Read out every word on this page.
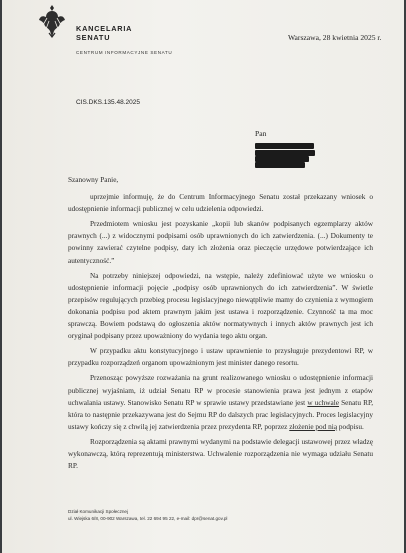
KANCELARIA
SENATU
CENTRUM INFORMACYJNE SENATU
Warszawa, 28 kwietnia 2025 r.
CIS.DKS.135.48.2025
Pan

Szanowny Panie,

uprzejmie informuję, że do Centrum Informacyjnego Senatu został przekazany wniosek o udostępnienie informacji publicznej w celu udzielenia odpowiedzi.

Przedmiotem wniosku jest pozyskanie „kopii lub skanów podpisanych egzemplarzy aktów prawnych (...) z widocznymi podpisami osób uprawnionych do ich zatwierdzenia. (...) Dokumenty te powinny zawierać czytelne podpisy, daty ich złożenia oraz pieczęcie urzędowe potwierdzające ich autentyczność.”

Na potrzeby niniejszej odpowiedzi, na wstępie, należy zdefiniować użyte we wniosku o udostępnienie informacji pojęcie „podpisy osób uprawnionych do ich zatwierdzenia”. W świetle przepisów regulujących przebieg procesu legislacyjnego niewątpliwie mamy do czynienia z wymogiem dokonania podpisu pod aktem prawnym jakim jest ustawa i rozporządzenie. Czynność ta ma moc sprawczą. Bowiem podstawą do ogłoszenia aktów normatywnych i innych aktów prawnych jest ich oryginał podpisany przez upoważniony do wydania tego aktu organ.

W przypadku aktu konstytucyjnego i ustaw uprawnienie to przysługuje prezydentowi RP, w przypadku rozporządzeń organom upoważnionym jest minister danego resortu.

Przenosząc powyższe rozważania na grunt realizowanego wniosku o udostępnienie informacji publicznej wyjaśniam, iż udział Senatu RP w procesie stanowienia prawa jest jednym z etapów uchwalania ustawy. Stanowisko Senatu RP w sprawie ustawy przedstawiane jest w uchwale Senatu RP, która to następnie przekazywana jest do Sejmu RP do dalszych prac legislacyjnych. Proces legislacyjny ustawy kończy się z chwilą jej zatwierdzenia przez prezydenta RP, poprzez złożenie pod nią podpisu.

Rozporządzenia są aktami prawnymi wydanymi na podstawie delegacji ustawowej przez władzę wykonawczą, którą reprezentują ministerstwa. Uchwalenie rozporządzenia nie wymaga udziału Senatu RP.

Dział Komunikacji Społecznej
ul. Wiejska 6/8, 00-902 Warszawa, tel. 22 694 95 22, e-mail: dpr@senat.gov.pl
